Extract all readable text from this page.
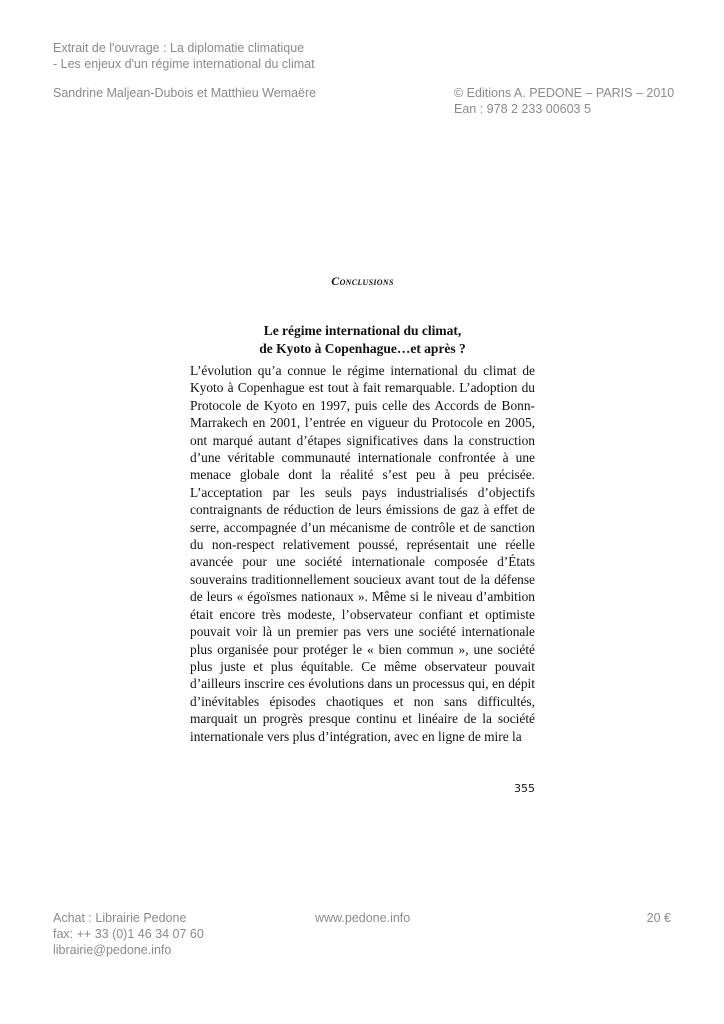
Extrait de l'ouvrage : La diplomatie climatique
- Les enjeux d'un régime international du climat
Sandrine Maljean-Dubois et Matthieu Wemaëre	© Editions A. PEDONE – PARIS – 2010
Ean : 978 2 233 00603 5
Conclusions
Le régime international du climat,
de Kyoto à Copenhague…et après ?
L’évolution qu’a connue le régime international du climat de Kyoto à Copenhague est tout à fait remarquable. L’adoption du Protocole de Kyoto en 1997, puis celle des Accords de Bonn-Marrakech en 2001, l’entrée en vigueur du Protocole en 2005, ont marqué autant d’étapes significatives dans la construction d’une véritable communauté internationale confrontée à une menace globale dont la réalité s’est peu à peu précisée. L’acceptation par les seuls pays industrialisés d’objectifs contraignants de réduction de leurs émissions de gaz à effet de serre, accompagnée d’un mécanisme de contrôle et de sanction du non-respect relativement poussé, représentait une réelle avancée pour une société internationale composée d’États souverains traditionnellement soucieux avant tout de la défense de leurs « égoïsmes nationaux ». Même si le niveau d’ambition était encore très modeste, l’observateur confiant et optimiste pouvait voir là un premier pas vers une société internationale plus organisée pour protéger le « bien commun », une société plus juste et plus équitable. Ce même observateur pouvait d’ailleurs inscrire ces évolutions dans un processus qui, en dépit d’inévitables épisodes chaotiques et non sans difficultés, marquait un progrès presque continu et linéaire de la société internationale vers plus d’intégration, avec en ligne de mire la
355
Achat : Librairie Pedone
fax: ++ 33 (0)1 46 34 07 60
librairie@pedone.info
www.pedone.info	20 €
